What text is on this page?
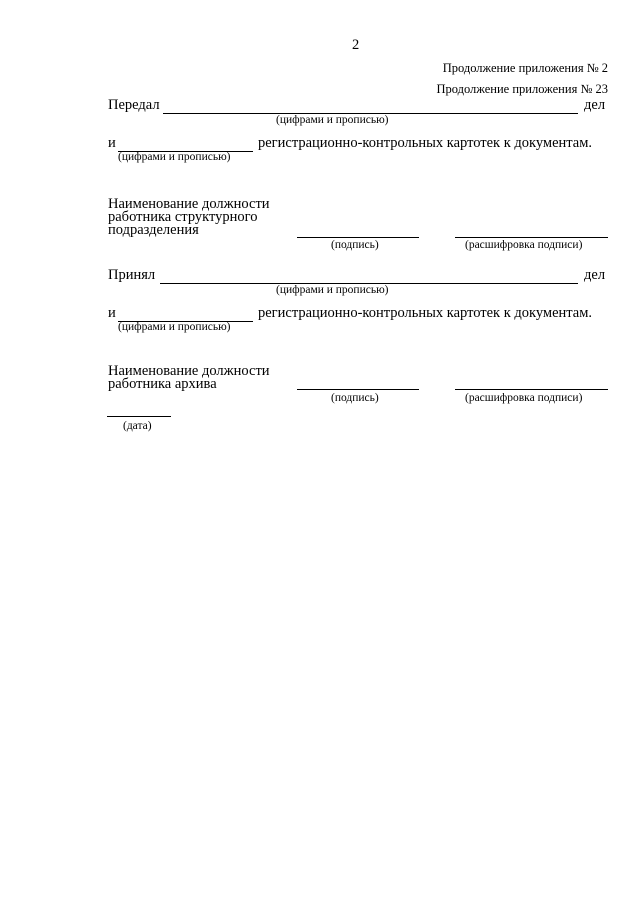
2
Продолжение приложения № 2
Продолжение приложения № 23
Передал	дел
(цифрами и прописью)
и	регистрационно-контрольных картотек к документам.
(цифрами и прописью)
Наименование должности
работника структурного
подразделения
(подпись)	(расшифровка подписи)
Принял	дел
(цифрами и прописью)
и	регистрационно-контрольных картотек к документам.
(цифрами и прописью)
Наименование должности
работника архива
(подпись)	(расшифровка подписи)
(дата)
